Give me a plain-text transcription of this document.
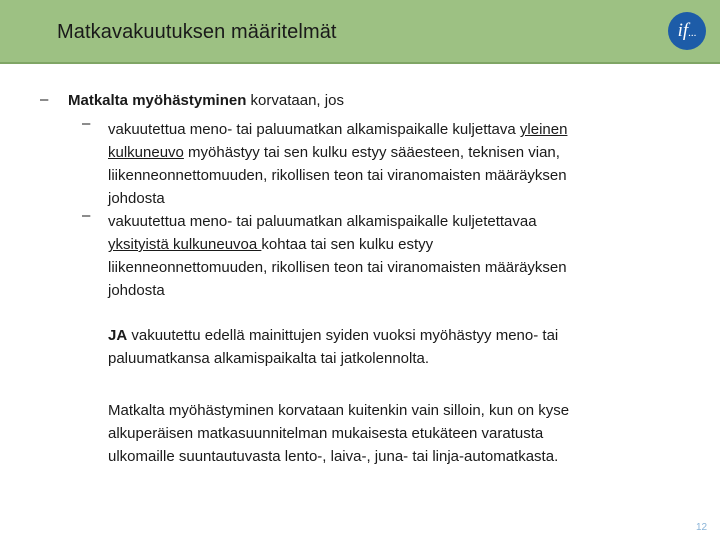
Matkavakuutuksen määritelmät	if...
– Matkalta myöhästyminen korvataan, jos
– vakuutettua meno- tai paluumatkan alkamispaikalle kuljettava yleinen
kulkuneuvo myöhästyy tai sen kulku estyy sääesteen, teknisen vian,
liikenneonnettomuuden, rikollisen teon tai viranomaisten määräyksen
johdosta
– vakuutettua meno- tai paluumatkan alkamispaikalle kuljetettavaa
yksityistä kulkuneuvoa kohtaa tai sen kulku estyy
liikenneonnettomuuden, rikollisen teon tai viranomaisten määräyksen
johdosta
JA vakuutettu edellä mainittujen syiden vuoksi myöhästyy meno- tai
paluumatkansa alkamispaikalta tai jatkolennolta.
Matkalta myöhästyminen korvataan kuitenkin vain silloin, kun on kyse
alkuperäisen matkasuunnitelman mukaisesta etukäteen varatusta
ulkomaille suuntautuvasta lento-, laiva-, juna- tai linja-automatkasta.
12
